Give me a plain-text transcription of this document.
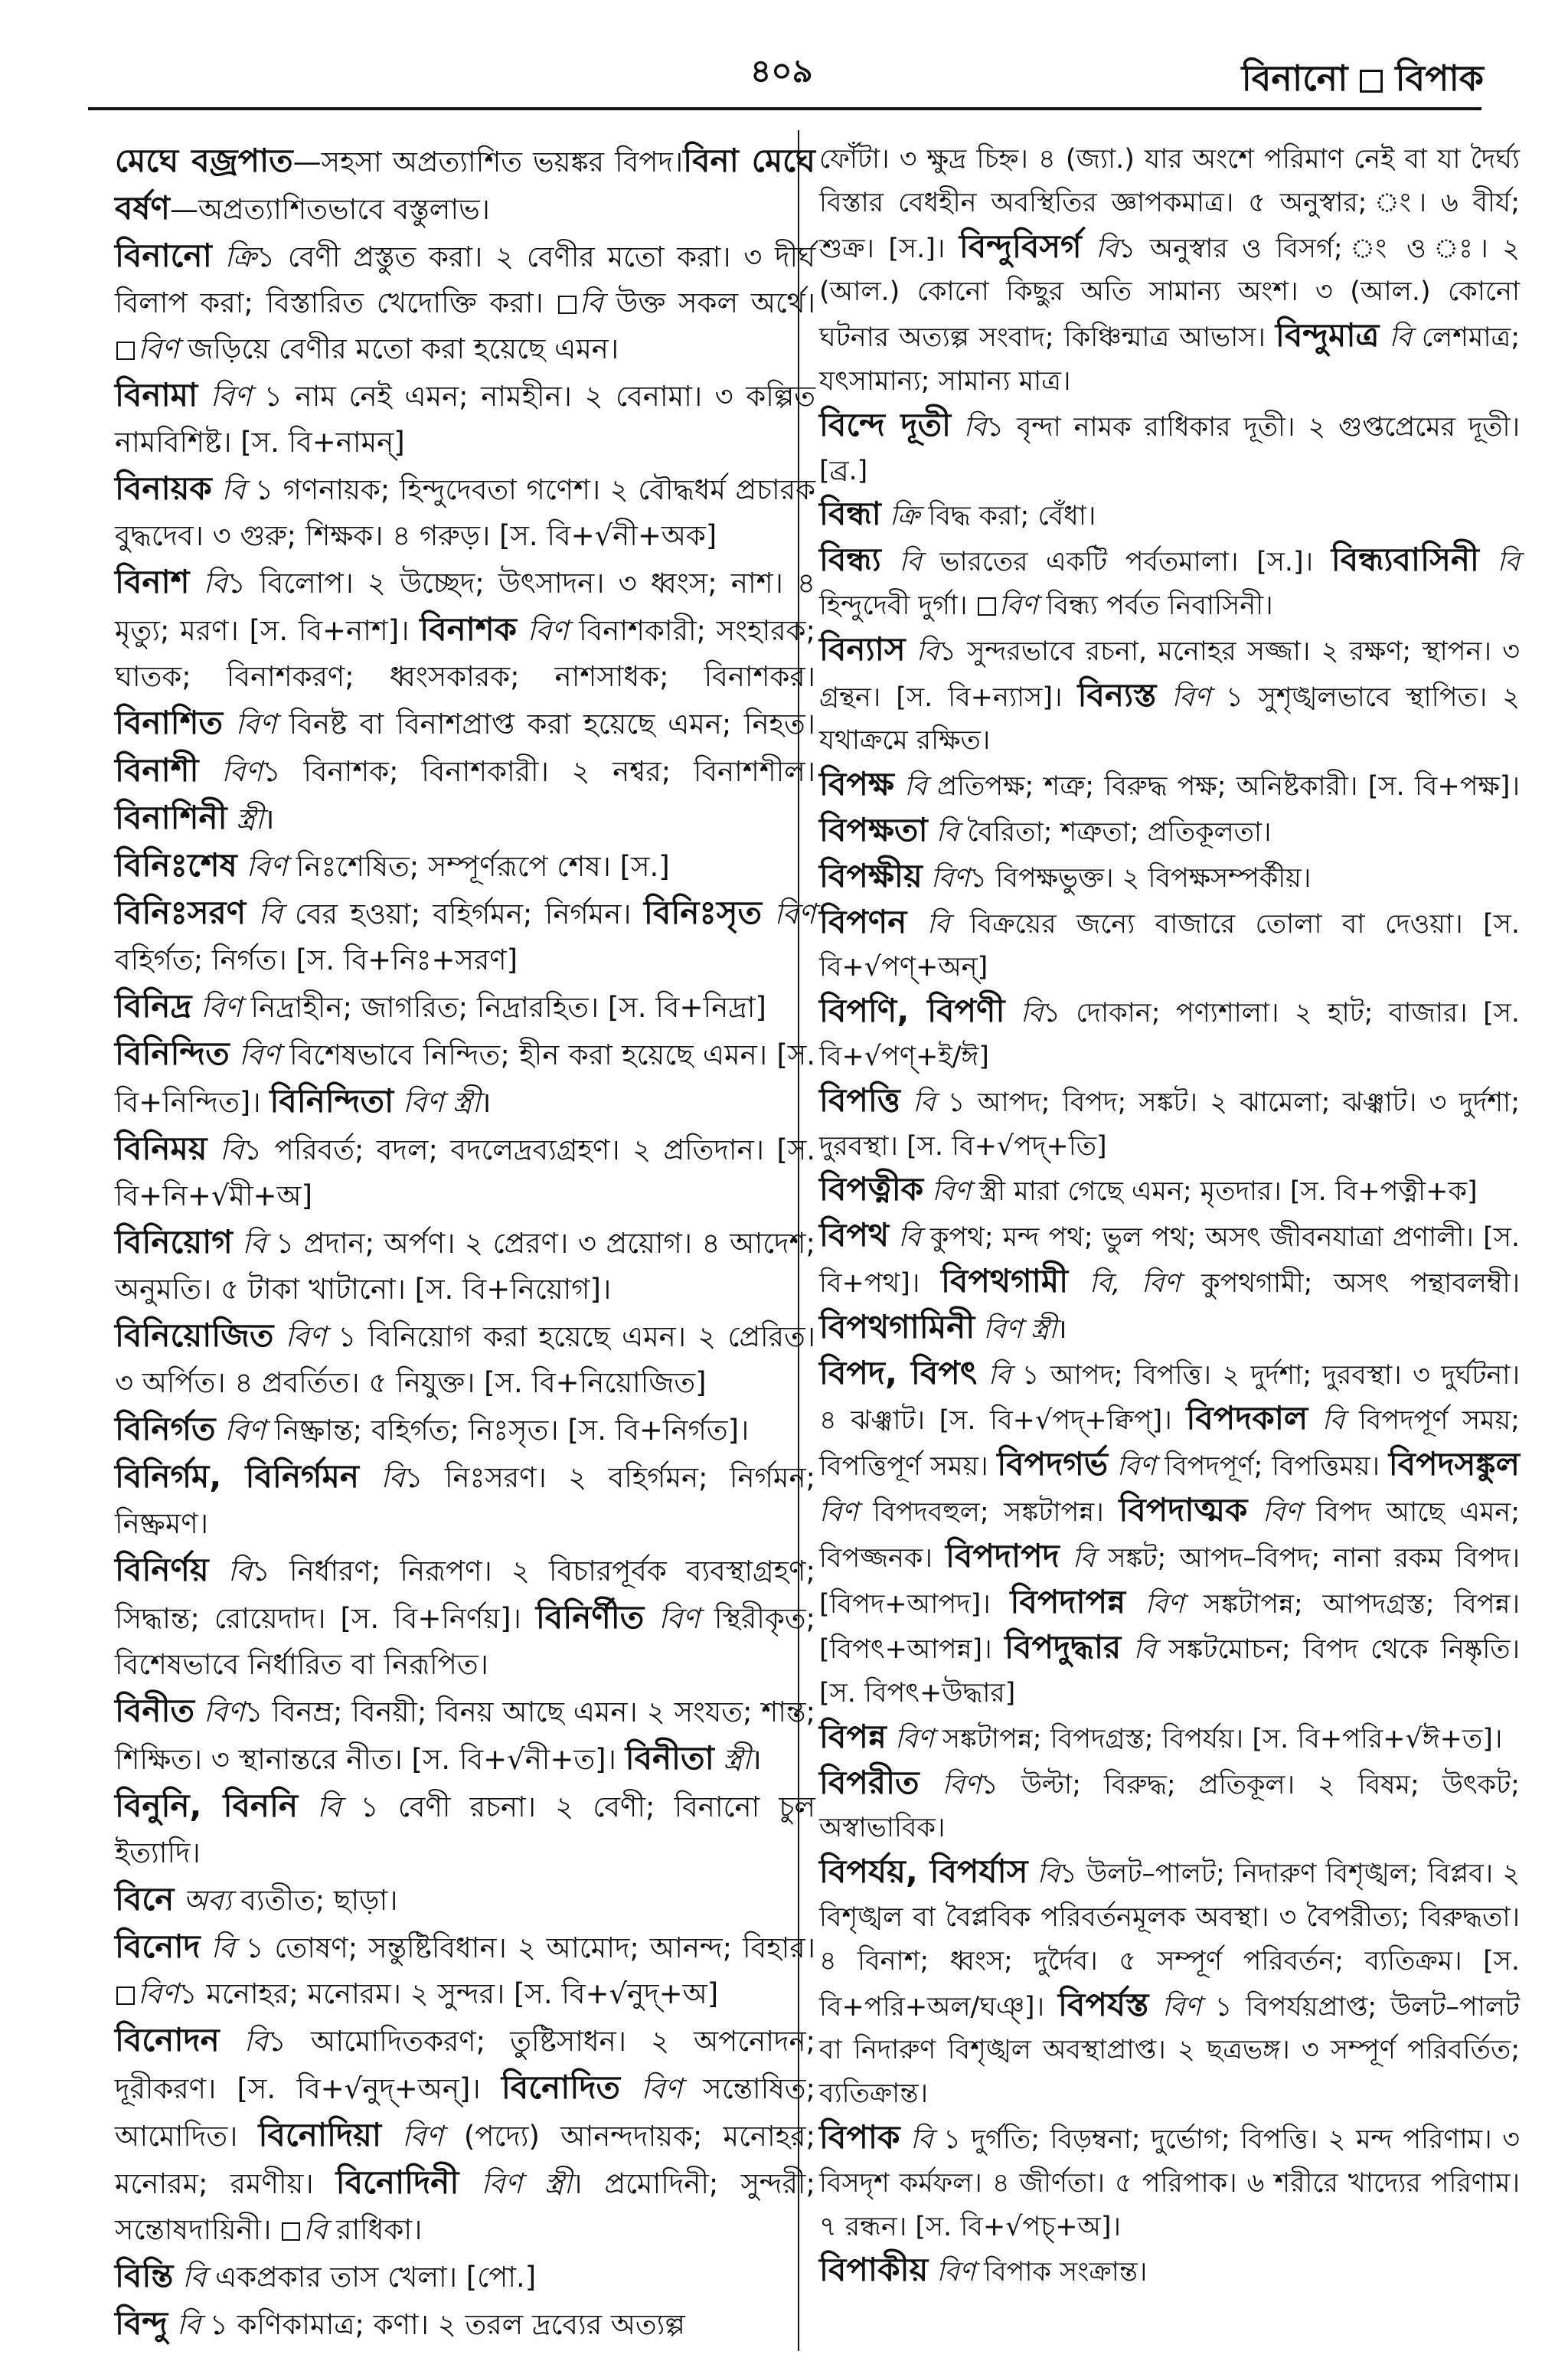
৪০৯	বিনানো বিপাক

মেঘে বজ্রপাত—সহসা অপ্রত্যাশিত ভয়ঙ্কর বিপদ।বিনা মেঘে বর্ষণ—অপ্রত্যাশিতভাবে বস্তুলাভ।

বিনানো ক্রি১ বেণী প্রস্তুত করা। ২ বেণীর মতো করা। ৩ দীর্ঘ বিলাপ করা; বিস্তারিত খেদোক্তি করা। বি উক্ত সকল অর্থে। বিণ জড়িয়ে বেণীর মতো করা হয়েছে এমন।

বিনামা বিণ ১ নাম নেই এমন; নামহীন। ২ বেনামা। ৩ কল্পিত নামবিশিষ্ট। [স. বি+নামন্]

বিনায়ক বি ১ গণনায়ক; হিন্দুদেবতা গণেশ। ২ বৌদ্ধধর্ম প্রচারক বুদ্ধদেব। ৩ গুরু; শিক্ষক। ৪ গরুড়। [স. বি+√নী+অক]

বিনাশ বি১ বিলোপ। ২ উচ্ছেদ; উৎসাদন। ৩ ধ্বংস; নাশ। ৪ মৃত্যু; মরণ। [স. বি+নাশ]। বিনাশক বিণ বিনাশকারী; সংহারক; ঘাতক; বিনাশকরণ; ধ্বংসকারক; নাশসাধক; বিনাশকর। বিনাশিত বিণ বিনষ্ট বা বিনাশপ্রাপ্ত করা হয়েছে এমন; নিহত। বিনাশী বিণ১ বিনাশক; বিনাশকারী। ২ নশ্বর; বিনাশশীল। বিনাশিনী স্ত্রী।

বিনিঃশেষ বিণ নিঃশেষিত; সম্পূর্ণরূপে শেষ। [স.]

বিনিঃসরণ বি বের হওয়া; বহির্গমন; নির্গমন। বিনিঃসৃত বিণ বহির্গত; নির্গত। [স. বি+নিঃ+সরণ]

বিনিদ্র বিণ নিদ্রাহীন; জাগরিত; নিদ্রারহিত। [স. বি+নিদ্রা]

বিনিন্দিত বিণ বিশেষভাবে নিন্দিত; হীন করা হয়েছে এমন। [স. বি+নিন্দিত]। বিনিন্দিতা বিণ স্ত্রী।

বিনিময় বি১ পরিবর্ত; বদল; বদলেদ্রব্যগ্রহণ। ২ প্রতিদান। [স. বি+নি+√মী+অ]

বিনিয়োগ বি ১ প্রদান; অর্পণ। ২ প্রেরণ। ৩ প্রয়োগ। ৪ আদেশ; অনুমতি। ৫ টাকা খাটানো। [স. বি+নিয়োগ]।

বিনিয়োজিত বিণ ১ বিনিয়োগ করা হয়েছে এমন। ২ প্রেরিত। ৩ অর্পিত। ৪ প্রবর্তিত। ৫ নিযুক্ত। [স. বি+নিয়োজিত]

বিনির্গত বিণ নিষ্ক্রান্ত; বহির্গত; নিঃসৃত। [স. বি+নির্গত]।

বিনির্গম, বিনির্গমন বি১ নিঃসরণ। ২ বহির্গমন; নির্গমন; নিষ্ক্রমণ।

বিনির্ণয় বি১ নির্ধারণ; নিরূপণ। ২ বিচারপূর্বক ব্যবস্থাগ্রহণ; সিদ্ধান্ত; রোয়েদাদ। [স. বি+নির্ণয়]। বিনির্ণীত বিণ স্থিরীকৃত; বিশেষভাবে নির্ধারিত বা নিরূপিত।

বিনীত বিণ১ বিনম্র; বিনয়ী; বিনয় আছে এমন। ২ সংযত; শান্ত; শিক্ষিত। ৩ স্থানান্তরে নীত। [স. বি+√নী+ত]। বিনীতা স্ত্রী।

বিনুনি, বিননি বি ১ বেণী রচনা। ২ বেণী; বিনানো চুল ইত্যাদি।

বিনে অব্য ব্যতীত; ছাড়া।

বিনোদ বি ১ তোষণ; সন্তুষ্টিবিধান। ২ আমোদ; আনন্দ; বিহার। বিণ১ মনোহর; মনোরম। ২ সুন্দর। [স. বি+√নুদ্+অ]

বিনোদন বি১ আমোদিতকরণ; তুষ্টিসাধন। ২ অপনোদন; দূরীকরণ। [স. বি+√নুদ্+অন্]। বিনোদিত বিণ সন্তোষিত; আমোদিত। বিনোদিয়া বিণ (পদ্যে) আনন্দদায়ক; মনোহর; মনোরম; রমণীয়। বিনোদিনী বিণ স্ত্রী। প্রমোদিনী; সুন্দরী; সন্তোষদায়িনী। বি রাধিকা।

বিন্তি বি একপ্রকার তাস খেলা। [পো.]

বিন্দু বি ১ কণিকামাত্র; কণা। ২ তরল দ্রব্যের অত্যল্প

ফোঁটা। ৩ ক্ষুদ্র চিহ্ন। ৪ (জ্যা.) যার অংশে পরিমাণ নেই বা যা দৈর্ঘ্য বিস্তার বেধহীন অবস্থিতির জ্ঞাপকমাত্র। ৫ অনুস্বার; ং। ৬ বীর্য; শুক্র। [স.]। বিন্দুবিসর্গ বি১ অনুস্বার ও বিসর্গ; ং ও ঃ। ২ (আল.) কোনো কিছুর অতি সামান্য অংশ। ৩ (আল.) কোনো ঘটনার অত্যল্প সংবাদ; কিঞ্চিন্মাত্র আভাস। বিন্দুমাত্র বি লেশমাত্র; যৎসামান্য; সামান্য মাত্র।

বিন্দে দূতী বি১ বৃন্দা নামক রাধিকার দূতী। ২ গুপ্তপ্রেমের দূতী। [ব্র.]

বিন্ধা ক্রি বিদ্ধ করা; বেঁধা।

বিন্ধ্য বি ভারতের একটি পর্বতমালা। [স.]। বিন্ধ্যবাসিনী বি হিন্দুদেবী দুর্গা। বিণ বিন্ধ্য পর্বত নিবাসিনী।

বিন্যাস বি১ সুন্দরভাবে রচনা, মনোহর সজ্জা। ২ রক্ষণ; স্থাপন। ৩ গ্রন্থন। [স. বি+ন্যাস]। বিন্যস্ত বিণ ১ সুশৃঙ্খলভাবে স্থাপিত। ২ যথাক্রমে রক্ষিত।

বিপক্ষ বি প্রতিপক্ষ; শত্রু; বিরুদ্ধ পক্ষ; অনিষ্টকারী। [স. বি+পক্ষ]। বিপক্ষতা বি বৈরিতা; শত্রুতা; প্রতিকূলতা।

বিপক্ষীয় বিণ১ বিপক্ষভুক্ত। ২ বিপক্ষসম্পর্কীয়।

বিপণন বি বিক্রয়ের জন্যে বাজারে তোলা বা দেওয়া। [স. বি+√পণ্+অন্]

বিপণি, বিপণী বি১ দোকান; পণ্যশালা। ২ হাট; বাজার। [স. বি+√পণ্+ই/ঈ]

বিপত্তি বি ১ আপদ; বিপদ; সঙ্কট। ২ ঝামেলা; ঝঞ্ঝাট। ৩ দুর্দশা; দুরবস্থা। [স. বি+√পদ্+তি]

বিপত্নীক বিণ স্ত্রী মারা গেছে এমন; মৃতদার। [স. বি+পত্নী+ক]

বিপথ বি কুপথ; মন্দ পথ; ভুল পথ; অসৎ জীবনযাত্রা প্রণালী। [স. বি+পথ]। বিপথগামী বি, বিণ কুপথগামী; অসৎ পন্থাবলম্বী। বিপথগামিনী বিণ স্ত্রী।

বিপদ, বিপৎ বি ১ আপদ; বিপত্তি। ২ দুর্দশা; দুরবস্থা। ৩ দুর্ঘটনা। ৪ ঝঞ্ঝাট। [স. বি+√পদ্+ক্বিপ্]। বিপদকাল বি বিপদপূর্ণ সময়; বিপত্তিপূর্ণ সময়। বিপদগর্ভ বিণ বিপদপূর্ণ; বিপত্তিময়। বিপদসঙ্কুল বিণ বিপদবহুল; সঙ্কটাপন্ন। বিপদাত্মক বিণ বিপদ আছে এমন; বিপজ্জনক। বিপদাপদ বি সঙ্কট; আপদ–বিপদ; নানা রকম বিপদ। [বিপদ+আপদ]। বিপদাপন্ন বিণ সঙ্কটাপন্ন; আপদগ্রস্ত; বিপন্ন। [বিপৎ+আপন্ন]। বিপদুদ্ধার বি সঙ্কটমোচন; বিপদ থেকে নিষ্কৃতি। [স. বিপৎ+উদ্ধার]

বিপন্ন বিণ সঙ্কটাপন্ন; বিপদগ্রস্ত; বিপর্যয়। [স. বি+পরি+√ঈ+ত]।

বিপরীত বিণ১ উল্টা; বিরুদ্ধ; প্রতিকূল। ২ বিষম; উৎকট; অস্বাভাবিক।

বিপর্যয়, বিপর্যাস বি১ উলট–পালট; নিদারুণ বিশৃঙ্খল; বিপ্লব। ২ বিশৃঙ্খল বা বৈপ্লবিক পরিবর্তনমূলক অবস্থা। ৩ বৈপরীত্য; বিরুদ্ধতা। ৪ বিনাশ; ধ্বংস; দুর্দৈব। ৫ সম্পূর্ণ পরিবর্তন; ব্যতিক্রম। [স. বি+পরি+অল/ঘঞ্]। বিপর্যস্ত বিণ ১ বিপর্যয়প্রাপ্ত; উলট–পালট বা নিদারুণ বিশৃঙ্খল অবস্থাপ্রাপ্ত। ২ ছত্রভঙ্গ। ৩ সম্পূর্ণ পরিবর্তিত; ব্যতিক্রান্ত।

বিপাক বি ১ দুর্গতি; বিড়ম্বনা; দুর্ভোগ; বিপত্তি। ২ মন্দ পরিণাম। ৩ বিসদৃশ কর্মফল। ৪ জীর্ণতা। ৫ পরিপাক। ৬ শরীরে খাদ্যের পরিণাম। ৭ রন্ধন। [স. বি+√পচ্+অ]।

বিপাকীয় বিণ বিপাক সংক্রান্ত।
